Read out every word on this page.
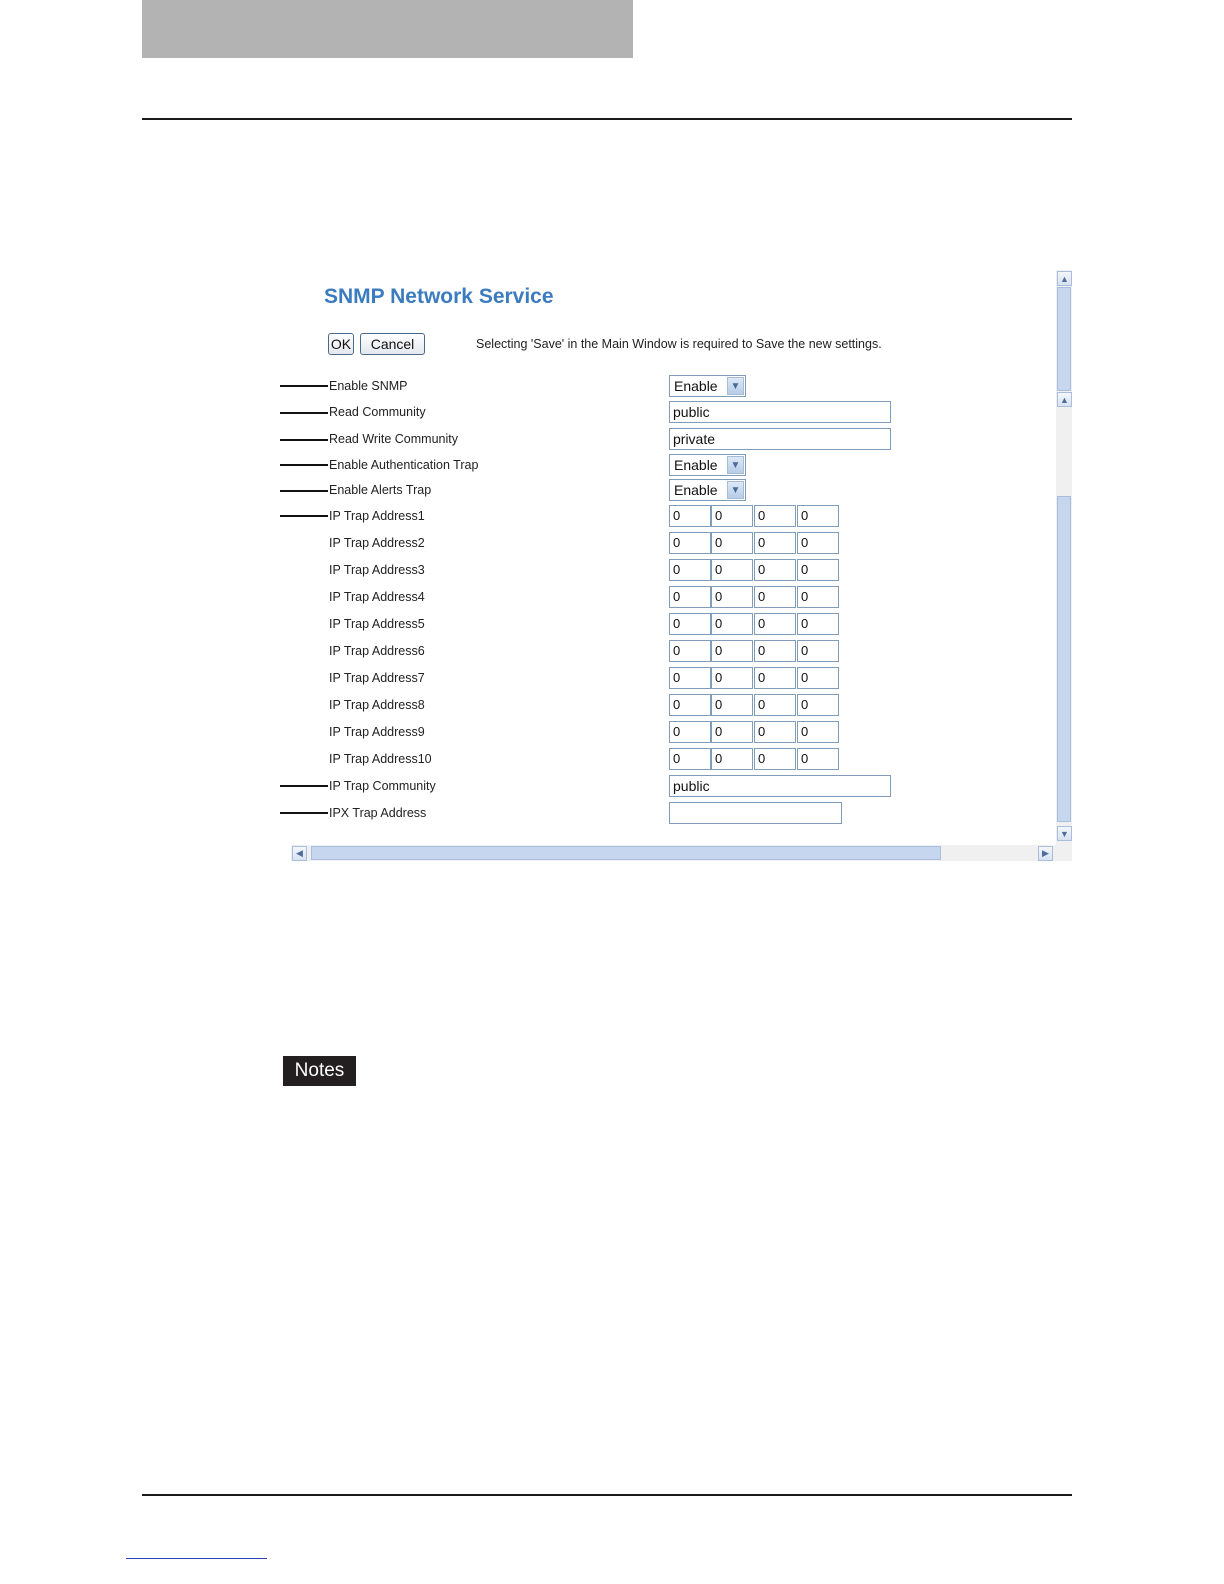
SNMP Network Service
OK	Cancel	Selecting 'Save' in the Main Window is required to Save the new settings.
Enable SNMP	Enable	▼
Read Community	public
Read Write Community	private
Enable Authentication Trap	Enable	▼
Enable Alerts Trap	Enable	▼
IP Trap Address1	0	0	0	0
IP Trap Address2	0	0	0	0
IP Trap Address3	0	0	0	0
IP Trap Address4	0	0	0	0
IP Trap Address5	0	0	0	0
IP Trap Address6	0	0	0	0
IP Trap Address7	0	0	0	0
IP Trap Address8	0	0	0	0
IP Trap Address9	0	0	0	0
IP Trap Address10	0	0	0	0
IP Trap Community	public
IPX Trap Address
▲
▲
▼
◀	▶
Notes
